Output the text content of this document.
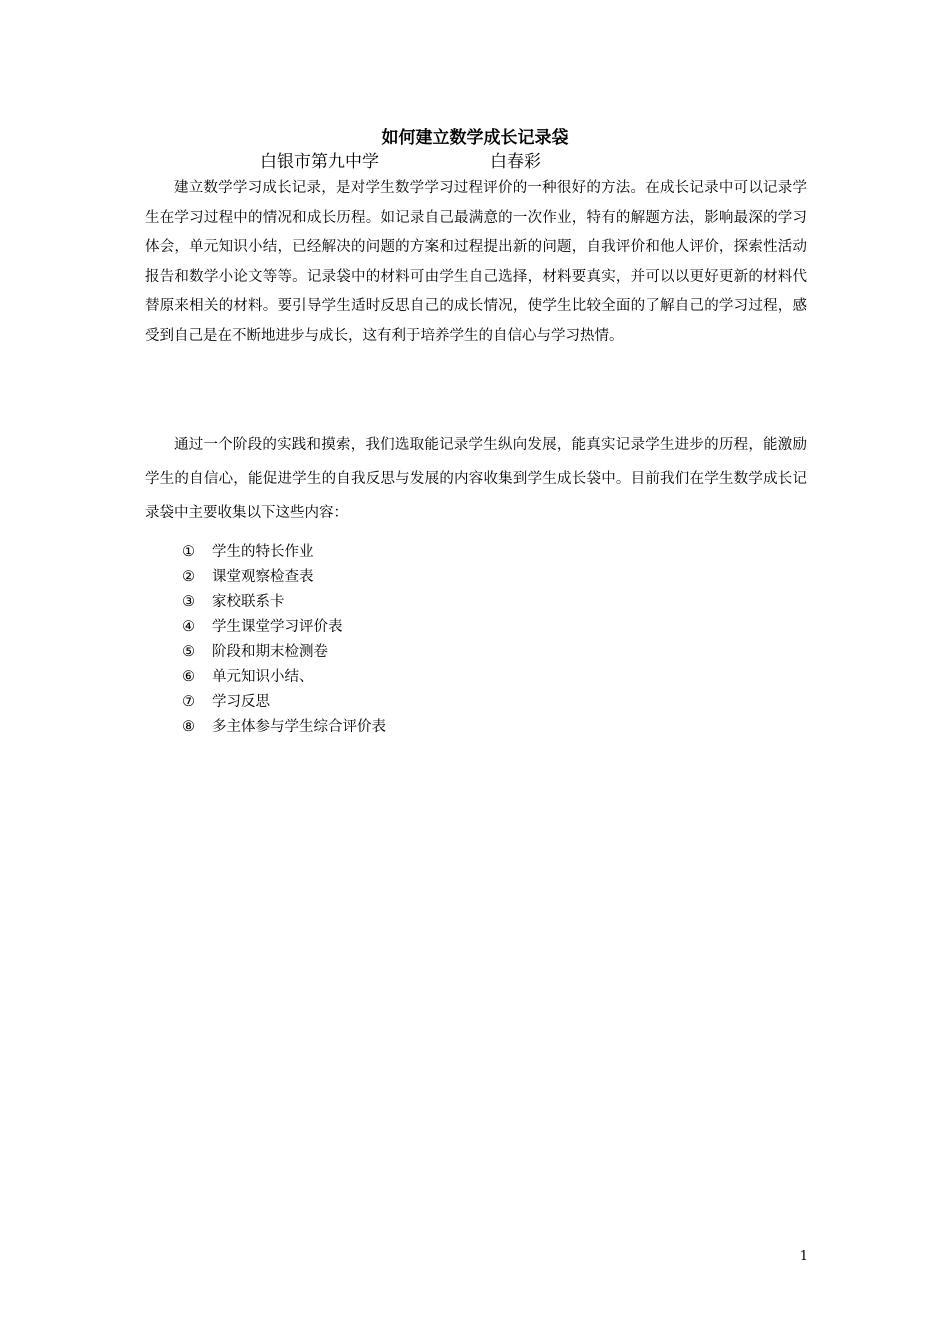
如何建立数学成长记录袋
白银市第九中学	白春彩

建立数学学习成长记录，是对学生数学学习过程评价的一种很好的方法。在成长记录中可以记录学生在学习过程中的情况和成长历程。如记录自己最满意的一次作业，特有的解题方法，影响最深的学习体会，单元知识小结，已经解决的问题的方案和过程提出新的问题，自我评价和他人评价，探索性活动报告和数学小论文等等。记录袋中的材料可由学生自己选择，材料要真实，并可以以更好更新的材料代替原来相关的材料。要引导学生适时反思自己的成长情况，使学生比较全面的了解自己的学习过程，感受到自己是在不断地进步与成长，这有利于培养学生的自信心与学习热情。

通过一个阶段的实践和摸索，我们选取能记录学生纵向发展，能真实记录学生进步的历程，能激励学生的自信心，能促进学生的自我反思与发展的内容收集到学生成长袋中。目前我们在学生数学成长记录袋中主要收集以下这些内容：

① 学生的特长作业
② 课堂观察检查表
③ 家校联系卡
④ 学生课堂学习评价表
⑤ 阶段和期末检测卷
⑥ 单元知识小结、
⑦ 学习反思
⑧ 多主体参与学生综合评价表
1
